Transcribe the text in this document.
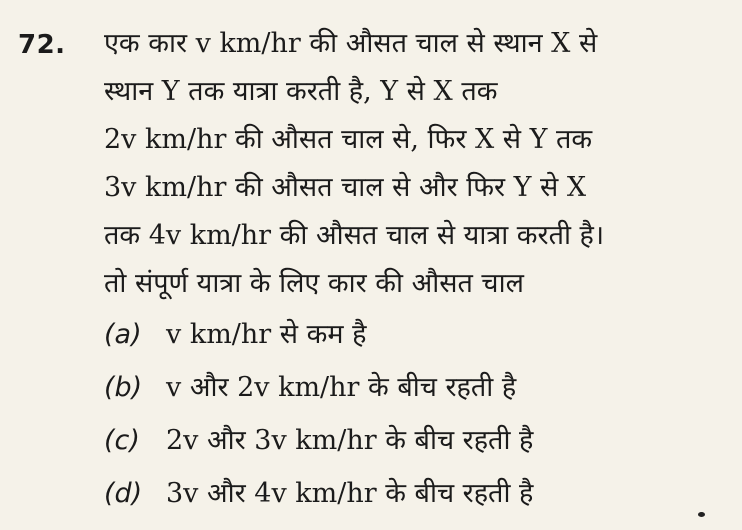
72. एक कार v km/hr की औसत चाल से स्थान X से
स्थान Y तक यात्रा करती है, Y से X तक
2v km/hr की औसत चाल से, फिर X से Y तक
3v km/hr की औसत चाल से और फिर Y से X
तक 4v km/hr की औसत चाल से यात्रा करती है।
तो संपूर्ण यात्रा के लिए कार की औसत चाल
(a) v km/hr से कम है
(b) v और 2v km/hr के बीच रहती है
(c) 2v और 3v km/hr के बीच रहती है
(d) 3v और 4v km/hr के बीच रहती है
